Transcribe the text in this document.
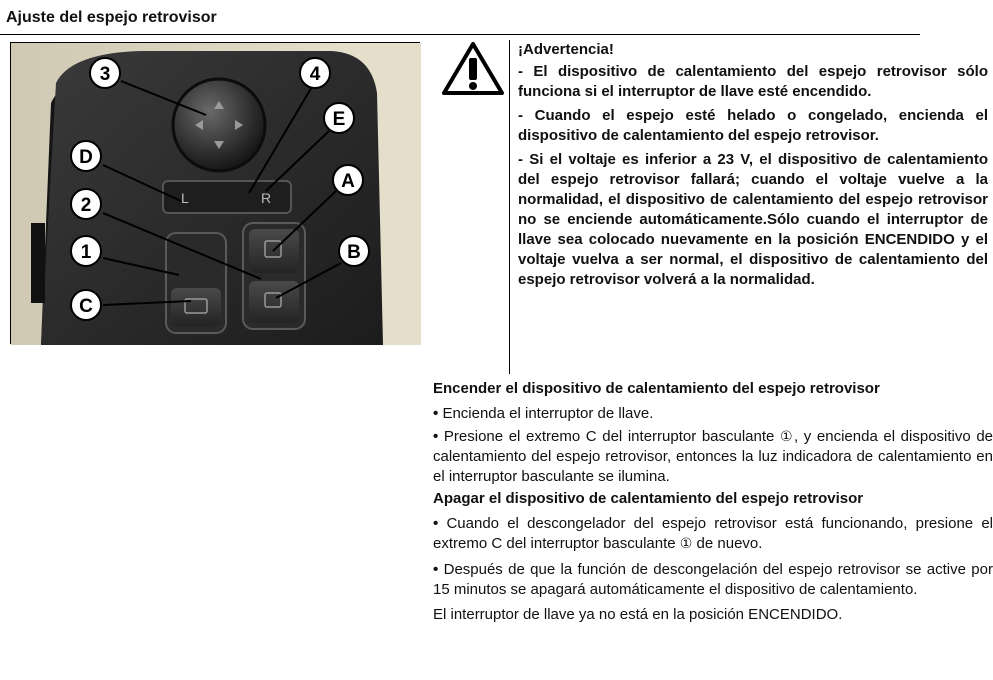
Ajuste del espejo retrovisor
L	R
3	4
E
D
A
2
B
1
C

¡Advertencia!

- El dispositivo de calentamiento del espejo retrovisor sólo funciona si el interruptor de llave esté encendido.

- Cuando el espejo esté helado o congelado, encienda el dispositivo de calentamiento del espejo retrovisor.

- Si el voltaje es inferior a 23 V, el dispositivo de calentamiento del espejo retrovisor fallará; cuando el voltaje vuelve a la normalidad, el dispositivo de calentamiento del espejo retrovisor no se enciende automáticamente.Sólo cuando el interruptor de llave sea colocado nuevamente en la posición ENCENDIDO y el voltaje vuelva a ser normal, el dispositivo de calentamiento del espejo retrovisor volverá a la normalidad.

Encender el dispositivo de calentamiento del espejo retrovisor

• Encienda el interruptor de llave.

• Presione el extremo C del interruptor basculante ①, y encienda el dispositivo de calentamiento del espejo retrovisor, entonces la luz indicadora de calentamiento en el interruptor basculante se ilumina.

Apagar el dispositivo de calentamiento del espejo retrovisor

• Cuando el descongelador del espejo retrovisor está funcionando, presione el extremo C del interruptor basculante ① de nuevo.

• Después de que la función de descongelación del espejo retrovisor se active por 15 minutos se apagará automáticamente el dispositivo de calentamiento.

El interruptor de llave ya no está en la posición ENCENDIDO.
